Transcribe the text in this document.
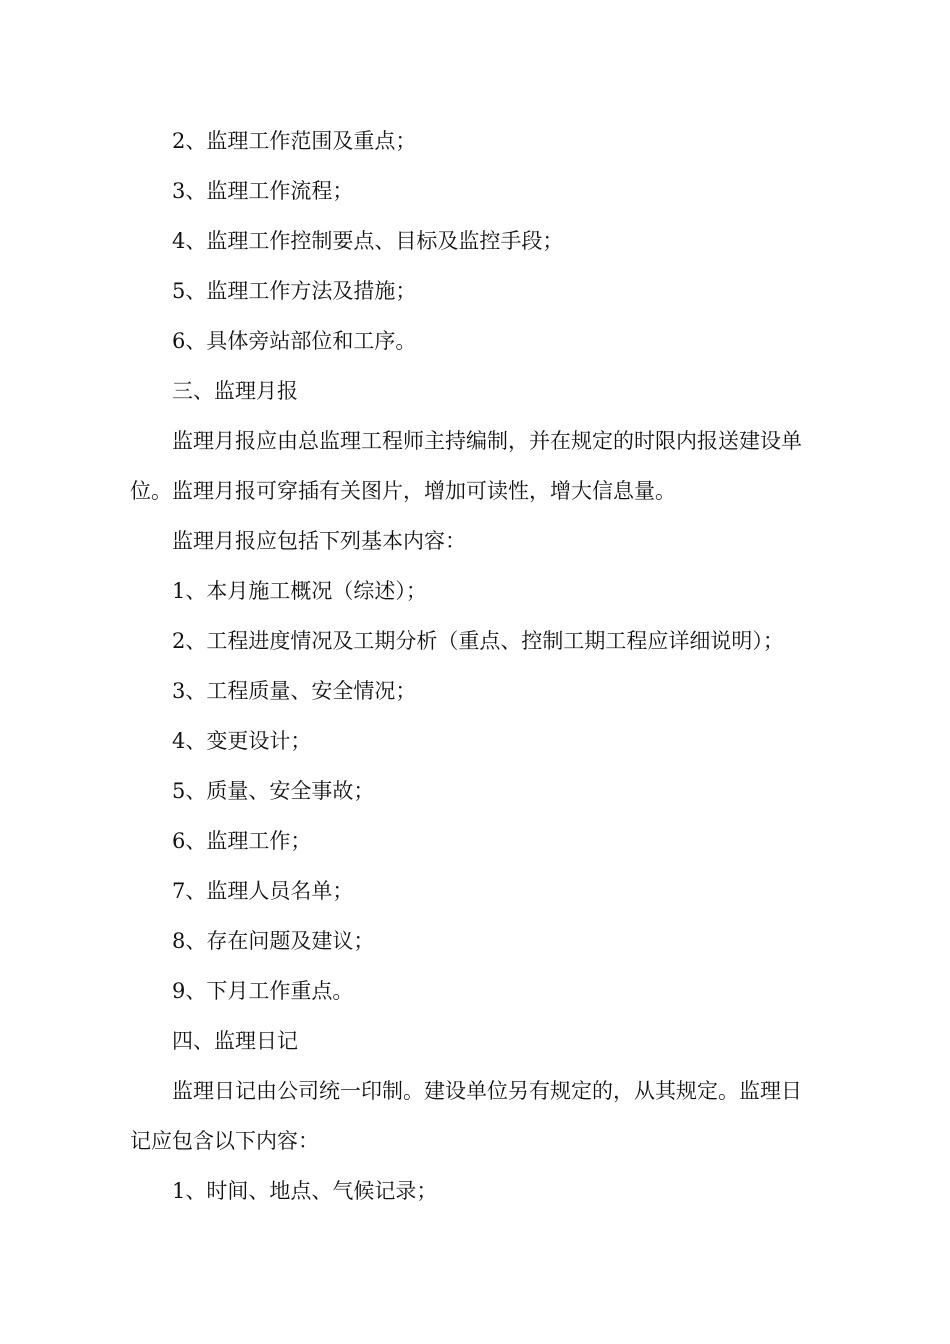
2、监理工作范围及重点；

3、监理工作流程；

4、监理工作控制要点、目标及监控手段；

5、监理工作方法及措施；

6、具体旁站部位和工序。

三、监理月报

监理月报应由总监理工程师主持编制，并在规定的时限内报送建设单

位。监理月报可穿插有关图片，增加可读性，增大信息量。

监理月报应包括下列基本内容：

1、本月施工概况（综述）；

2、工程进度情况及工期分析（重点、控制工期工程应详细说明）；

3、工程质量、安全情况；

4、变更设计；

5、质量、安全事故；

6、监理工作；

7、监理人员名单；

8、存在问题及建议；

9、下月工作重点。

四、监理日记

监理日记由公司统一印制。建设单位另有规定的，从其规定。监理日

记应包含以下内容：

1、时间、地点、气候记录；
